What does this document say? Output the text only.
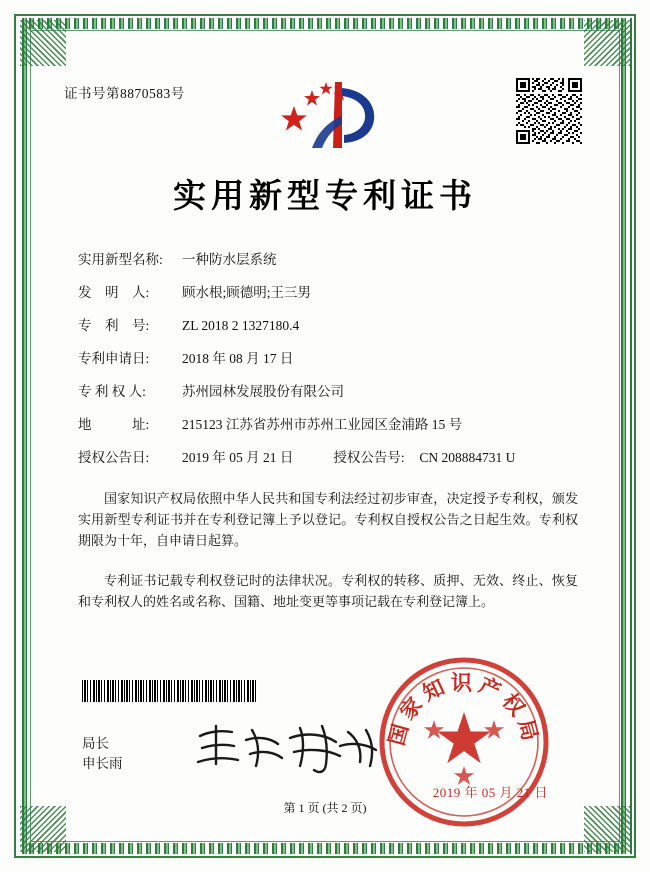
证书号第8870583号
实用新型专利证书
实用新型名称: 一种防水层系统
发　明　人: 顾水根;顾德明;王三男
专　利　号: ZL 2018 2 1327180.4
专利申请日: 2018 年 08 月 17 日
专 利 权 人:	苏州园林发展股份有限公司
地　　　址: 215123 江苏省苏州市苏州工业园区金浦路 15 号
授权公告日: 2019 年 05 月 21 日	授权公告号: CN 208884731 U
国家知识产权局依照中华人民共和国专利法经过初步审查，决定授予专利权，颁发实用新型专利证书并在专利登记簿上予以登记。专利权自授权公告之日起生效。专利权期限为十年，自申请日起算。
专利证书记载专利权登记时的法律状况。专利权的转移、质押、无效、终止、恢复和专利权人的姓名或名称、国籍、地址变更等事项记载在专利登记簿上。
局长
申长雨
国家知识产权局
2019 年 05 月 21 日
第 1 页 (共 2 页)
